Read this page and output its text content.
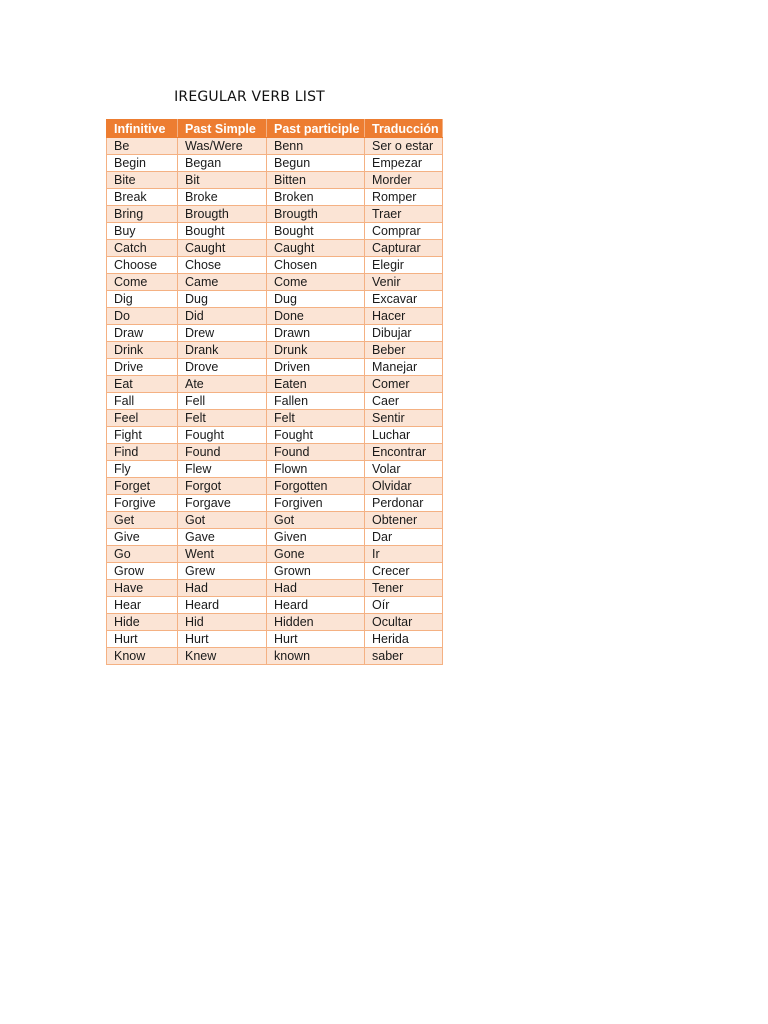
IREGULAR VERB LIST
Infinitive	Past Simple	Past participle	Traducción
Be	Was/Were	Benn	Ser o estar
Begin	Began	Begun	Empezar
Bite	Bit	Bitten	Morder
Break	Broke	Broken	Romper
Bring	Brougth	Brougth	Traer
Buy	Bought	Bought	Comprar
Catch	Caught	Caught	Capturar
Choose	Chose	Chosen	Elegir
Come	Came	Come	Venir
Dig	Dug	Dug	Excavar
Do	Did	Done	Hacer
Draw	Drew	Drawn	Dibujar
Drink	Drank	Drunk	Beber
Drive	Drove	Driven	Manejar
Eat	Ate	Eaten	Comer
Fall	Fell	Fallen	Caer
Feel	Felt	Felt	Sentir
Fight	Fought	Fought	Luchar
Find	Found	Found	Encontrar
Fly	Flew	Flown	Volar
Forget	Forgot	Forgotten	Olvidar
Forgive	Forgave	Forgiven	Perdonar
Get	Got	Got	Obtener
Give	Gave	Given	Dar
Go	Went	Gone	Ir
Grow	Grew	Grown	Crecer
Have	Had	Had	Tener
Hear	Heard	Heard	Oír
Hide	Hid	Hidden	Ocultar
Hurt	Hurt	Hurt	Herida
Know	Knew	known	saber
